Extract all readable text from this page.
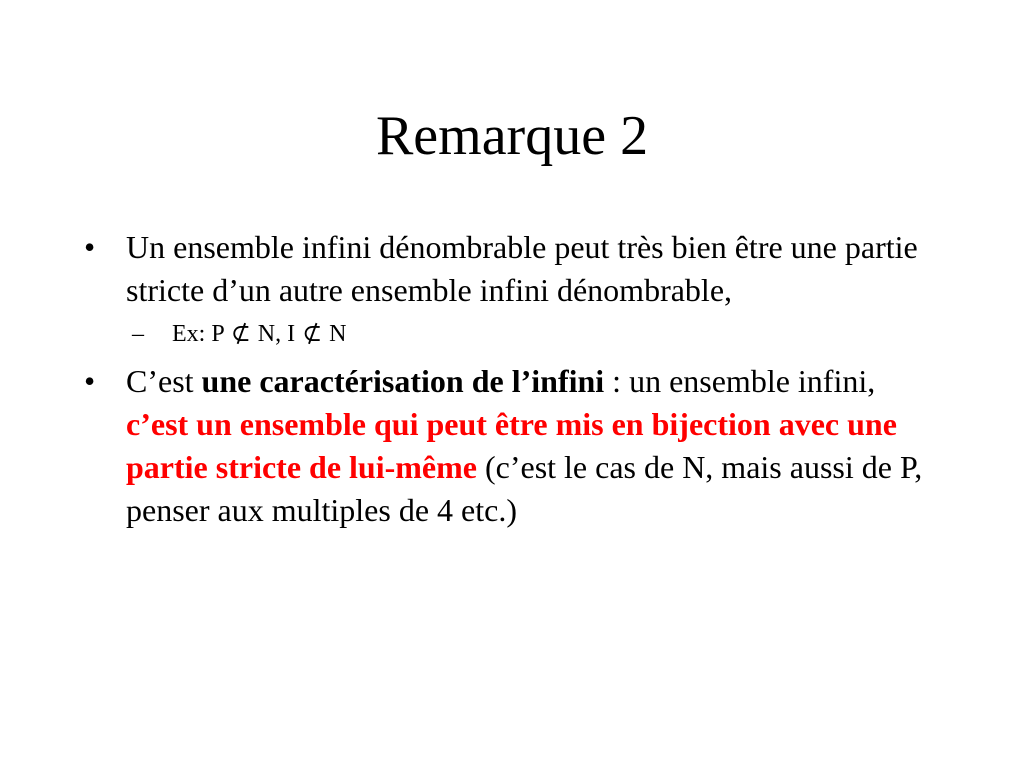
Remarque 2

• Un ensemble infini dénombrable peut très bien être une partie stricte d’un autre ensemble infini dénombrable,

– Ex: P ⊄ N, I ⊄ N

• C’est une caractérisation de l’infini : un ensemble infini, c’est un ensemble qui peut être mis en bijection avec une partie stricte de lui-même (c’est le cas de N, mais aussi de P, penser aux multiples de 4 etc.)
